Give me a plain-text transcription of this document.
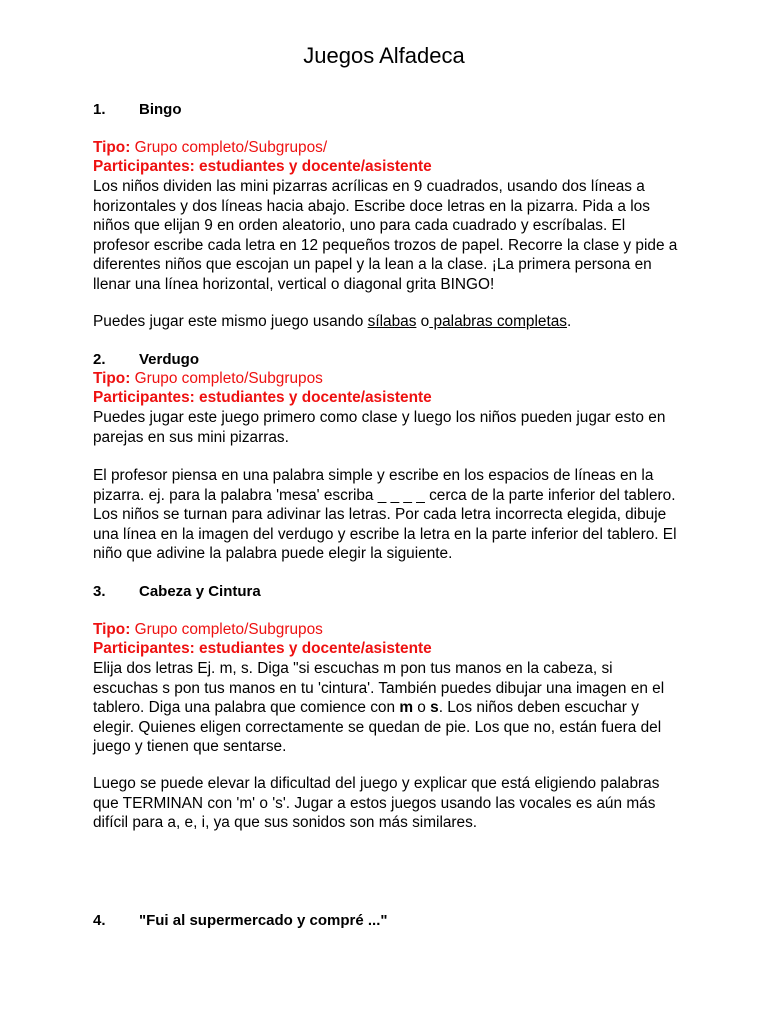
Juegos Alfadeca
1. Bingo
Tipo: Grupo completo/Subgrupos/
Participantes: estudiantes y docente/asistente

Los niños dividen las mini pizarras acrílicas en 9 cuadrados, usando dos líneas a horizontales y dos líneas hacia abajo. Escribe doce letras en la pizarra. Pida a los niños que elijan 9 en orden aleatorio, uno para cada cuadrado y escríbalas. El profesor escribe cada letra en 12 pequeños trozos de papel. Recorre la clase y pide a diferentes niños que escojan un papel y la lean a la clase. ¡La primera persona en llenar una línea horizontal, vertical o diagonal grita BINGO!

Puedes jugar este mismo juego usando sílabas o palabras completas.

2. Verdugo
Tipo: Grupo completo/Subgrupos
Participantes: estudiantes y docente/asistente

Puedes jugar este juego primero como clase y luego los niños pueden jugar esto en parejas en sus mini pizarras.

El profesor piensa en una palabra simple y escribe en los espacios de líneas en la pizarra. ej. para la palabra 'mesa' escriba _ _ _ _ cerca de la parte inferior del tablero. Los niños se turnan para adivinar las letras. Por cada letra incorrecta elegida, dibuje una línea en la imagen del verdugo y escribe la letra en la parte inferior del tablero. El niño que adivine la palabra puede elegir la siguiente.

3. Cabeza y Cintura
Tipo: Grupo completo/Subgrupos
Participantes: estudiantes y docente/asistente

Elija dos letras Ej. m, s. Diga "si escuchas m pon tus manos en la cabeza, si escuchas s pon tus manos en tu 'cintura'. También puedes dibujar una imagen en el tablero. Diga una palabra que comience con m o s. Los niños deben escuchar y elegir. Quienes eligen correctamente se quedan de pie. Los que no, están fuera del juego y tienen que sentarse.

Luego se puede elevar la dificultad del juego y explicar que está eligiendo palabras que TERMINAN con 'm' o 's'. Jugar a estos juegos usando las vocales es aún más difícil para a, e, i, ya que sus sonidos son más similares.

4. "Fui al supermercado y compré ..."
